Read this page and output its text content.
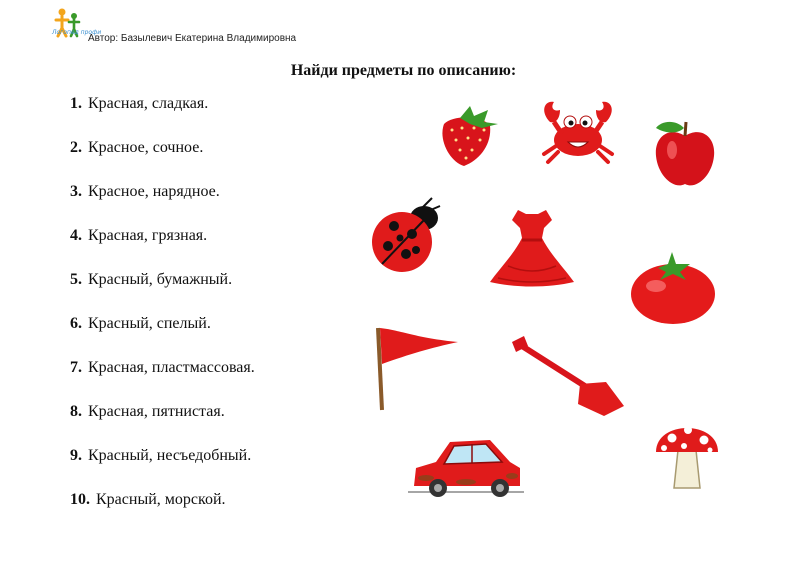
Логопед профи
Автор: Базылевич Екатерина Владимировна
Найди предметы по описанию:
1. Красная, сладкая.
2. Красное, сочное.
3. Красное, нарядное.
4. Красная, грязная.
5. Красный, бумажный.
6. Красный, спелый.
7. Красная, пластмассовая.
8. Красная, пятнистая.
9. Красный, несъедобный.
10. Красный, морской.
